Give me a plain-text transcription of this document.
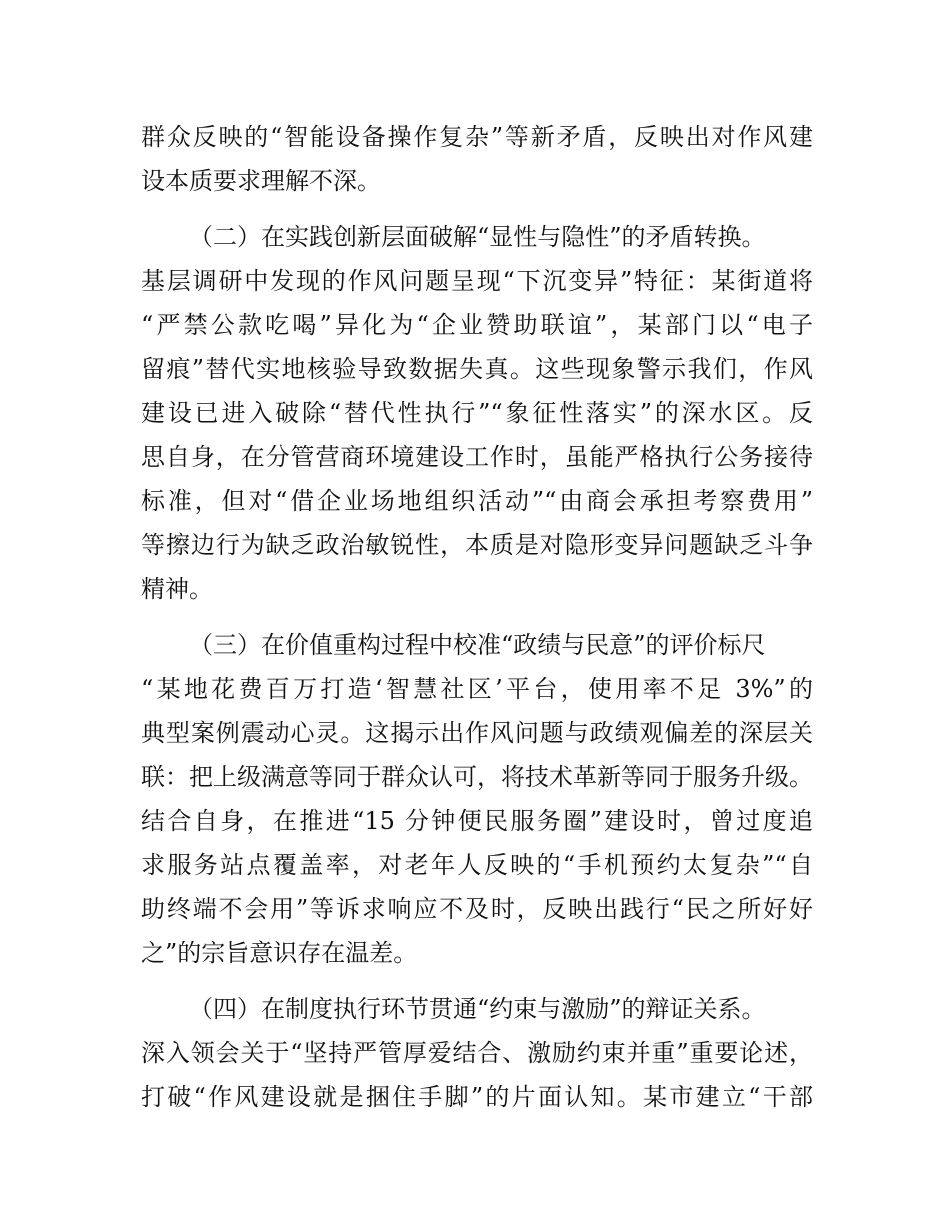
群众反映的“智能设备操作复杂”等新矛盾，反映出对作风建
设本质要求理解不深。
（二）在实践创新层面破解“显性与隐性”的矛盾转换。
基层调研中发现的作风问题呈现“下沉变异”特征：某街道将
“严禁公款吃喝”异化为“企业赞助联谊”，某部门以“电子
留痕”替代实地核验导致数据失真。这些现象警示我们，作风
建设已进入破除“替代性执行”“象征性落实”的深水区。反
思自身，在分管营商环境建设工作时，虽能严格执行公务接待
标准，但对“借企业场地组织活动”“由商会承担考察费用”
等擦边行为缺乏政治敏锐性，本质是对隐形变异问题缺乏斗争
精神。
（三）在价值重构过程中校准“政绩与民意”的评价标尺
“某地花费百万打造‘智慧社区’平台，使用率不足 3%”的
典型案例震动心灵。这揭示出作风问题与政绩观偏差的深层关
联：把上级满意等同于群众认可，将技术革新等同于服务升级。
结合自身，在推进“15 分钟便民服务圈”建设时，曾过度追
求服务站点覆盖率，对老年人反映的“手机预约太复杂”“自
助终端不会用”等诉求响应不及时，反映出践行“民之所好好
之”的宗旨意识存在温差。
（四）在制度执行环节贯通“约束与激励”的辩证关系。
深入领会关于“坚持严管厚爱结合、激励约束并重”重要论述，
打破“作风建设就是捆住手脚”的片面认知。某市建立“干部
